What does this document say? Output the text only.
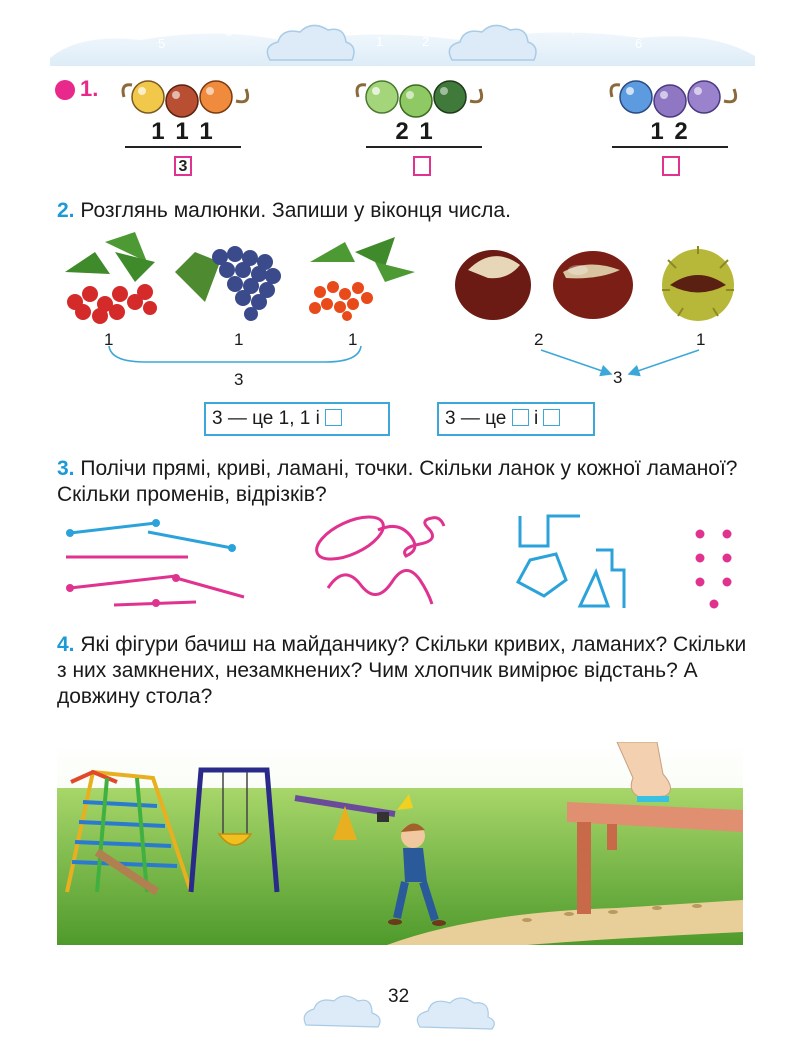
7
5
3
1
0
2
4
6
8
1.
1 1 1
3
2 1	1 2
2. Розглянь малюнки. Запиши у віконця числа.
1	1	1
3
2	1
3
3 — це 1, 1 і	3 — це і
3. Полічи прямі, криві, ламані, точки. Скільки ланок у кожної ламаної? Скільки променів, відрізків?
4. Які фігури бачиш на майданчику? Скільки кривих, ламаних? Скільки з них замкнених, незамкнених? Чим хлопчик вимірює відстань? А довжину стола?
32
